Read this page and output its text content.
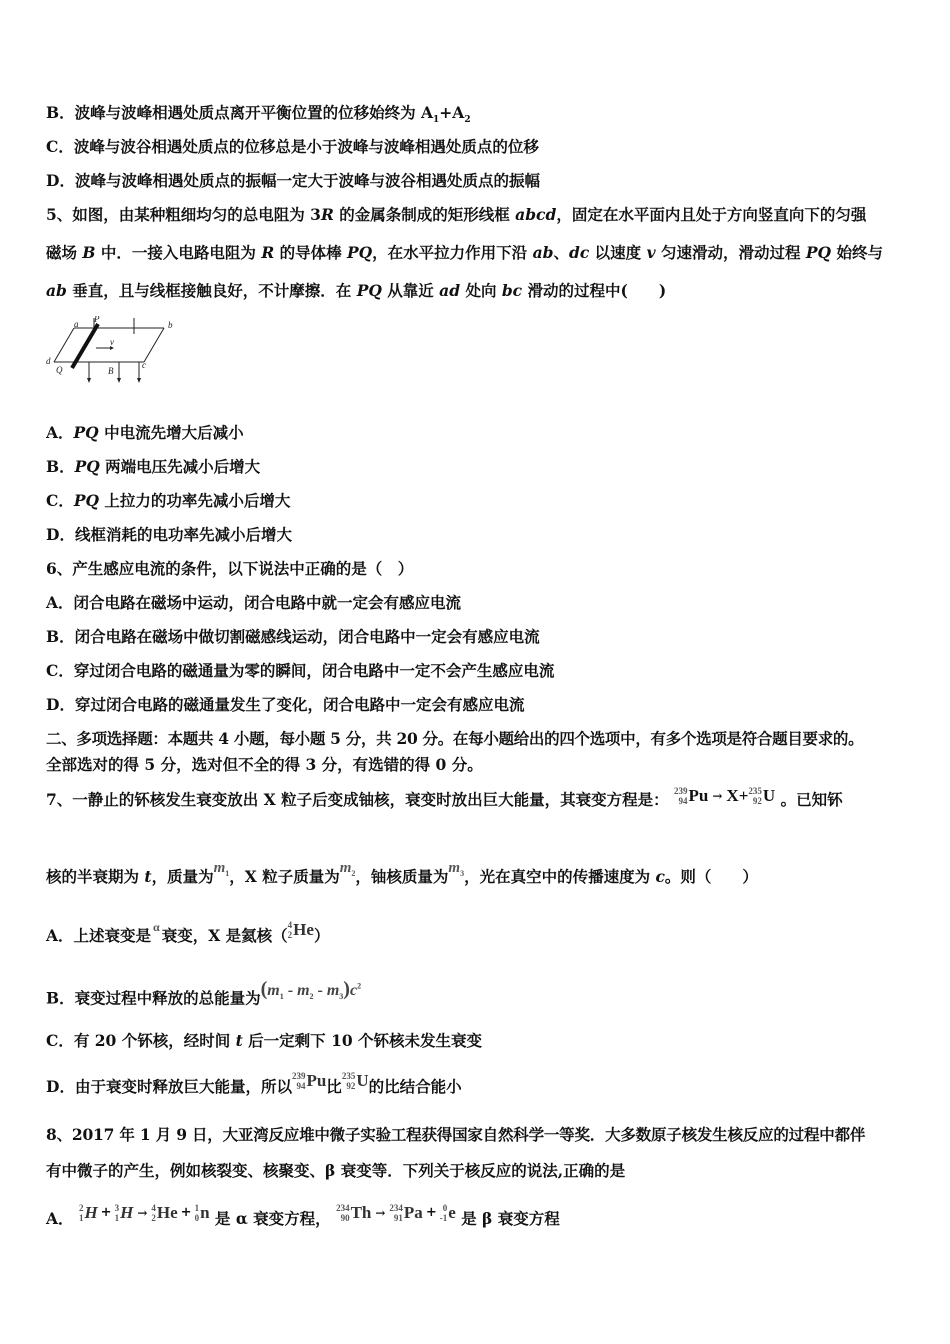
B．波峰与波峰相遇处质点离开平衡位置的位移始终为 $A_1+A_2$
C．波峰与波谷相遇处质点的位移总是小于波峰与波峰相遇处质点的位移
D．波峰与波峰相遇处质点的振幅一定大于波峰与波谷相遇处质点的振幅
5、如图，由某种粗细均匀的总电阻为 3R 的金属条制成的矩形线框 abcd，固定在水平面内且处于方向竖直向下的匀强
磁场 B 中．一接入电路电阻为 R 的导体棒 PQ，在水平拉力作用下沿 ab、dc 以速度 v 匀速滑动，滑动过程 PQ 始终与
ab 垂直，且与线框接触良好，不计摩擦．在 PQ 从靠近 ad 处向 bc 滑动的过程中(　　)
a P
b
v
d
Q	B
c
A．PQ 中电流先增大后减小
B．PQ 两端电压先减小后增大
C．PQ 上拉力的功率先减小后增大
D．线框消耗的电功率先减小后增大
6、产生感应电流的条件，以下说法中正确的是（　）
A．闭合电路在磁场中运动，闭合电路中就一定会有感应电流
B．闭合电路在磁场中做切割磁感线运动，闭合电路中一定会有感应电流
C．穿过闭合电路的磁通量为零的瞬间，闭合电路中一定不会产生感应电流
D．穿过闭合电路的磁通量发生了变化，闭合电路中一定会有感应电流
二、多项选择题：本题共 4 小题，每小题 5 分，共 20 分。在每小题给出的四个选项中，有多个选项是符合题目要求的。
全部选对的得 5 分，选对但不全的得 3 分，有选错的得 0 分。
7、一静止的钚核发生衰变放出 X 粒子后变成铀核，衰变时放出巨大能量，其衰变方程是： 239
94 Pu → X+ 235
92 U 。已知钚
核的半衰期为 t，质量为$m_1$，X 粒子质量为$m_2$，铀核质量为$m_3$，光在真空中的传播速度为 c。则（　　）
A．上述衰变是 $^\alpha$ 衰变，X 是氦核（
4
2 He）
B．衰变过程中释放的总能量为$(m_1 - m_2 - m_3)c^2$
C．有 20 个钚核，经时间 t 后一定剩下 10 个钚核未发生衰变
D．由于衰变时释放巨大能量，所以
239
94 Pu比
235
92 U的比结合能小
8、2017 年 1 月 9 日，大亚湾反应堆中微子实验工程获得国家自然科学一等奖．大多数原子核发生核反应的过程中都伴
有中微子的产生，例如核裂变、核聚变、β 衰变等．下列关于核反应的说法,正确的是
A．
2
1 H + 3
1 H → 4
2 He + 1
0 n 是 α 衰变方程，
234
90 Th → 234
91 Pa + 0
-1 e 是 β 衰变方程
